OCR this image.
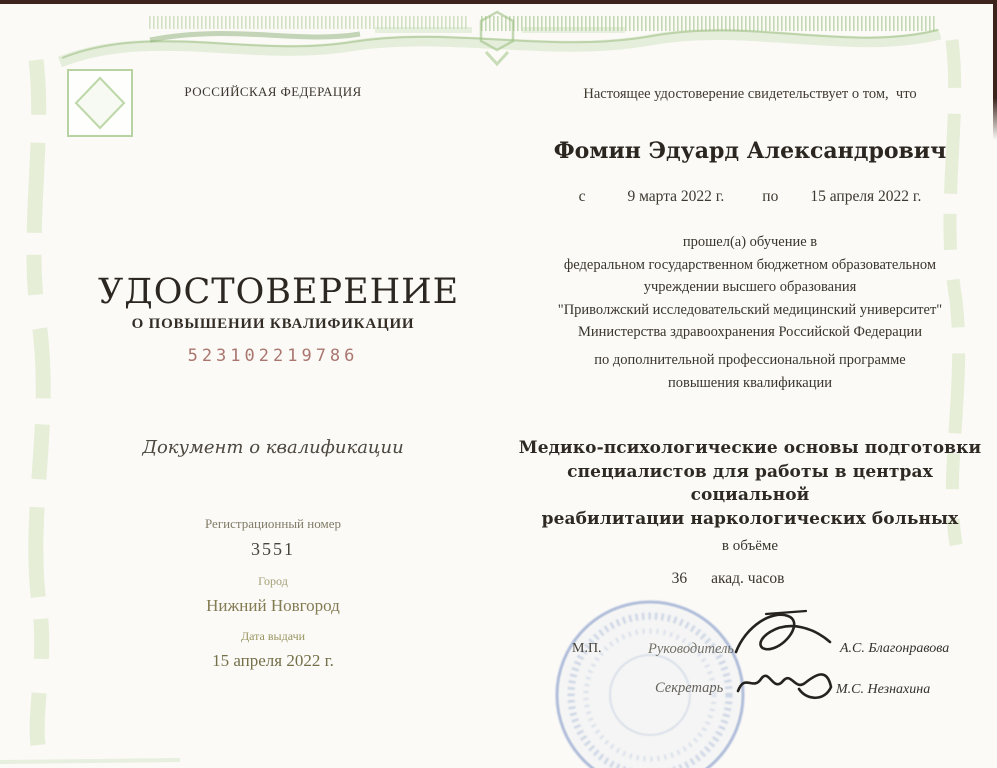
РОССИЙСКАЯ ФЕДЕРАЦИЯ
УДОСТОВЕРЕНИЕ
О ПОВЫШЕНИИ КВАЛИФИКАЦИИ
523102219786
Документ о квалификации
Регистрационный номер
3551
Город
Нижний Новгород
Дата выдачи
15 апреля 2022 г.
Настоящее удостоверение свидетельствует о том,  что
Фомин Эдуард Александрович
с	9 марта 2022 г. по 15 апреля 2022 г.
прошел(а) обучение в
федеральном государственном бюджетном образовательном
учреждении высшего образования
"Приволжский исследовательский медицинский университет"
Министерства здравоохранения Российской Федерации
по дополнительной профессиональной программе
повышения квалификации
Медико-психологические основы подготовки
специалистов для работы в центрах социальной
реабилитации наркологических больных
в объёме
36 акад. часов
М.П.	Руководитель
Секретарь
А.С. Благонравова
М.С. Незнахина
